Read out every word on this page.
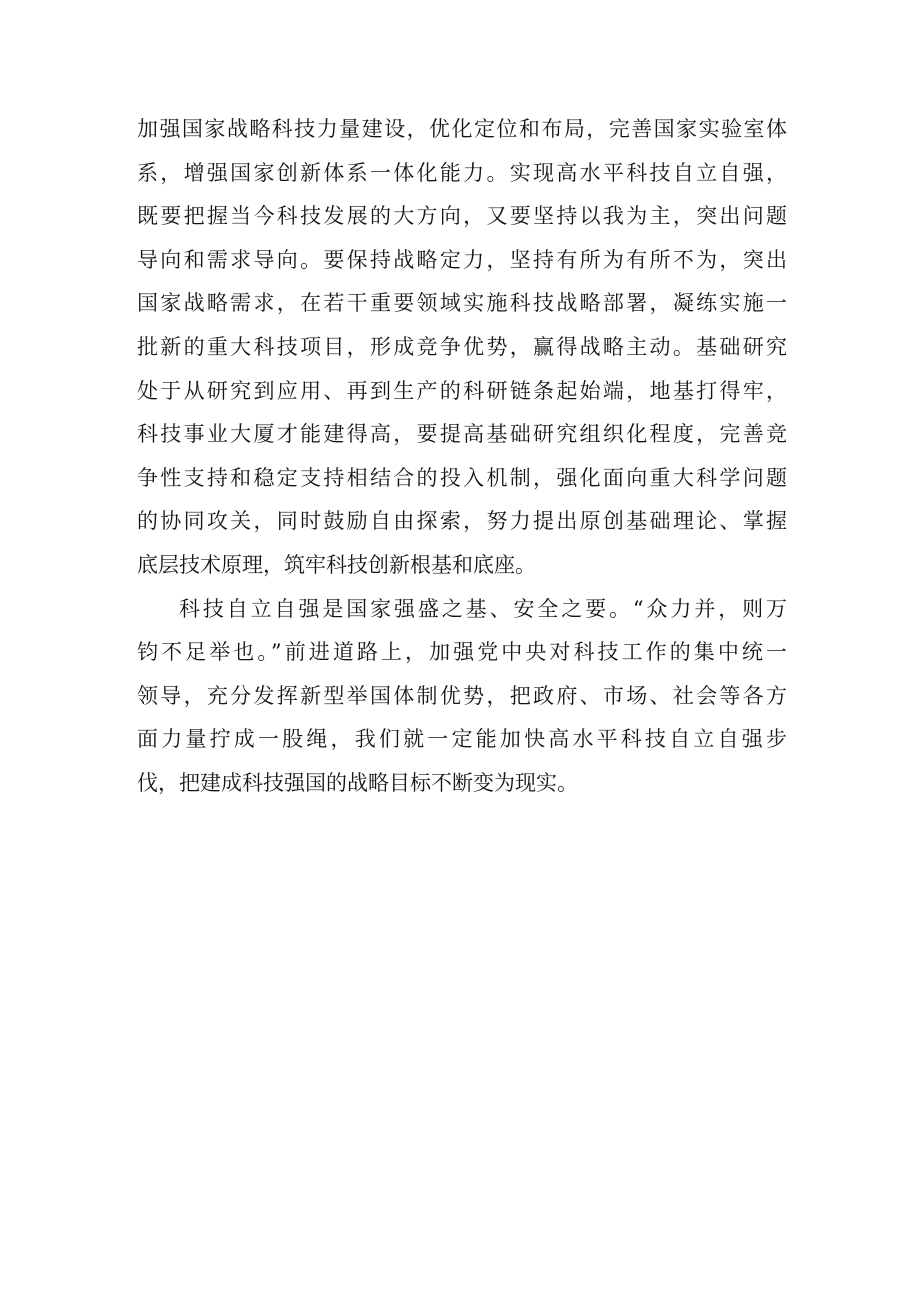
加强国家战略科技力量建设，优化定位和布局，完善国家实验室体
系，增强国家创新体系一体化能力。实现高水平科技自立自强，
既要把握当今科技发展的大方向，又要坚持以我为主，突出问题
导向和需求导向。要保持战略定力，坚持有所为有所不为，突出
国家战略需求，在若干重要领域实施科技战略部署，凝练实施一
批新的重大科技项目，形成竞争优势，赢得战略主动。基础研究
处于从研究到应用、再到生产的科研链条起始端，地基打得牢，
科技事业大厦才能建得高，要提高基础研究组织化程度，完善竞
争性支持和稳定支持相结合的投入机制，强化面向重大科学问题
的协同攻关，同时鼓励自由探索，努力提出原创基础理论、掌握
底层技术原理，筑牢科技创新根基和底座。
科技自立自强是国家强盛之基、安全之要。“众力并，则万
钧不足举也。”前进道路上，加强党中央对科技工作的集中统一
领导，充分发挥新型举国体制优势，把政府、市场、社会等各方
面力量拧成一股绳，我们就一定能加快高水平科技自立自强步
伐，把建成科技强国的战略目标不断变为现实。
